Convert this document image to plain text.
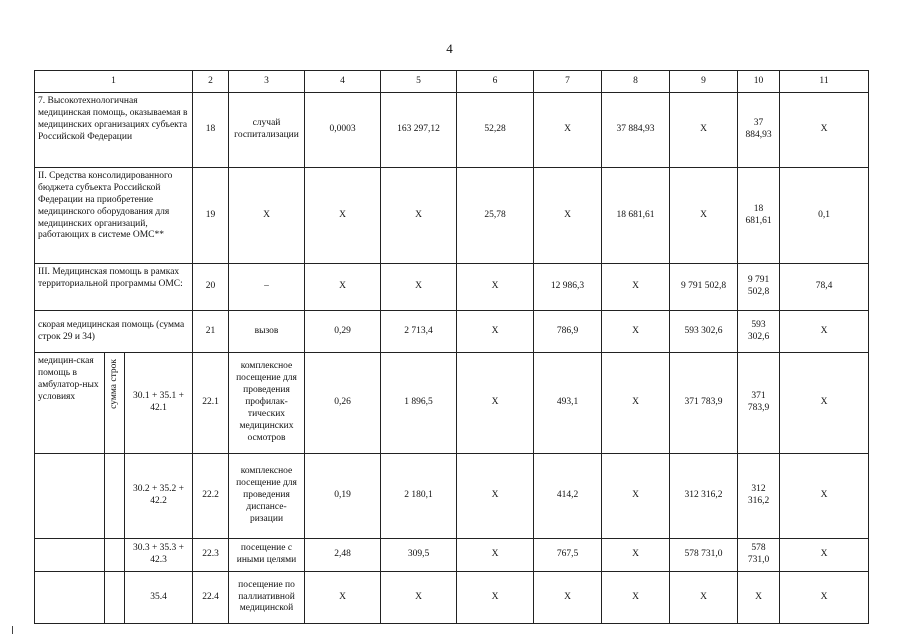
4
1			2	3	4	5	6	7	8	9	10	11
7. Высокотехнологичная медицинская помощь, оказываемая в медицинских организациях субъекта Российской Федерации			18	случай госпитализации	0,0003	163 297,12	52,28	X	37 884,93	X	37 884,93	X
II. Средства консолидированного бюджета субъекта Российской Федерации на приобретение медицинского оборудования для медицинских организаций, работающих в системе ОМС**			19	X	X	X	25,78	X	18 681,61	X	18 681,61	0,1
III. Медицинская помощь в рамках территориальной программы ОМС:			20	–	X	X	X	12 986,3	X	9 791 502,8	9 791 502,8	78,4
скорая медицинская помощь (сумма строк 29 и 34)			21	вызов	0,29	2 713,4	X	786,9	X	593 302,6	593 302,6	X
медицин-ская помощь в амбулатор-ных условиях	сумма строк	30.1 + 35.1 + 42.1	22.1	комплексное посещение для проведения профилак-тических медицинских осмотров	0,26	1 896,5	X	493,1	X	371 783,9	371 783,9	X
		30.2 + 35.2 + 42.2	22.2	комплексное посещение для проведения диспансе-ризации	0,19	2 180,1	X	414,2	X	312 316,2	312 316,2	X
		30.3 + 35.3 + 42.3	22.3	посещение с иными целями	2,48	309,5	X	767,5	X	578 731,0	578 731,0	X
		35.4	22.4	посещение по паллиативной медицинской	X	X	X	X	X	X	X	X
